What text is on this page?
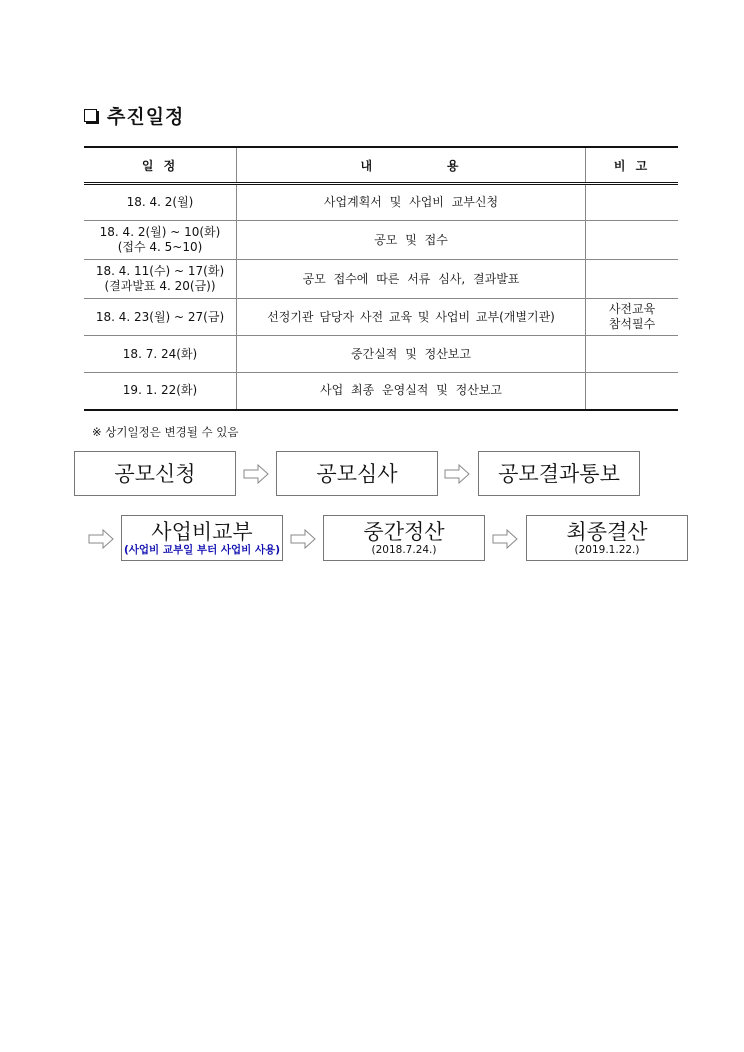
추진일정
일 정	내          용	비 고

18. 4. 2(월)	사업계획서 및 사업비 교부신청	

18. 4. 2(월) ~ 10(화)
(접수 4. 5~10)	공모 및 접수	

18. 4. 11(수) ~ 17(화)
(결과발표 4. 20(금))	공모 접수에 따른 서류 심사, 결과발표	

18. 4. 23(월) ~ 27(금)	선정기관 담당자 사전 교육 및 사업비 교부(개별기관)	사전교육
참석필수

18. 7. 24(화)	중간실적 및 정산보고	

19. 1. 22(화)	사업 최종 운영실적 및 정산보고	
※ 상기일정은 변경될 수 있음
공모신청	공모심사	공모결과통보
사업비교부
(사업비 교부일 부터 사업비 사용)
중간정산
(2018.7.24.)
최종결산
(2019.1.22.)
